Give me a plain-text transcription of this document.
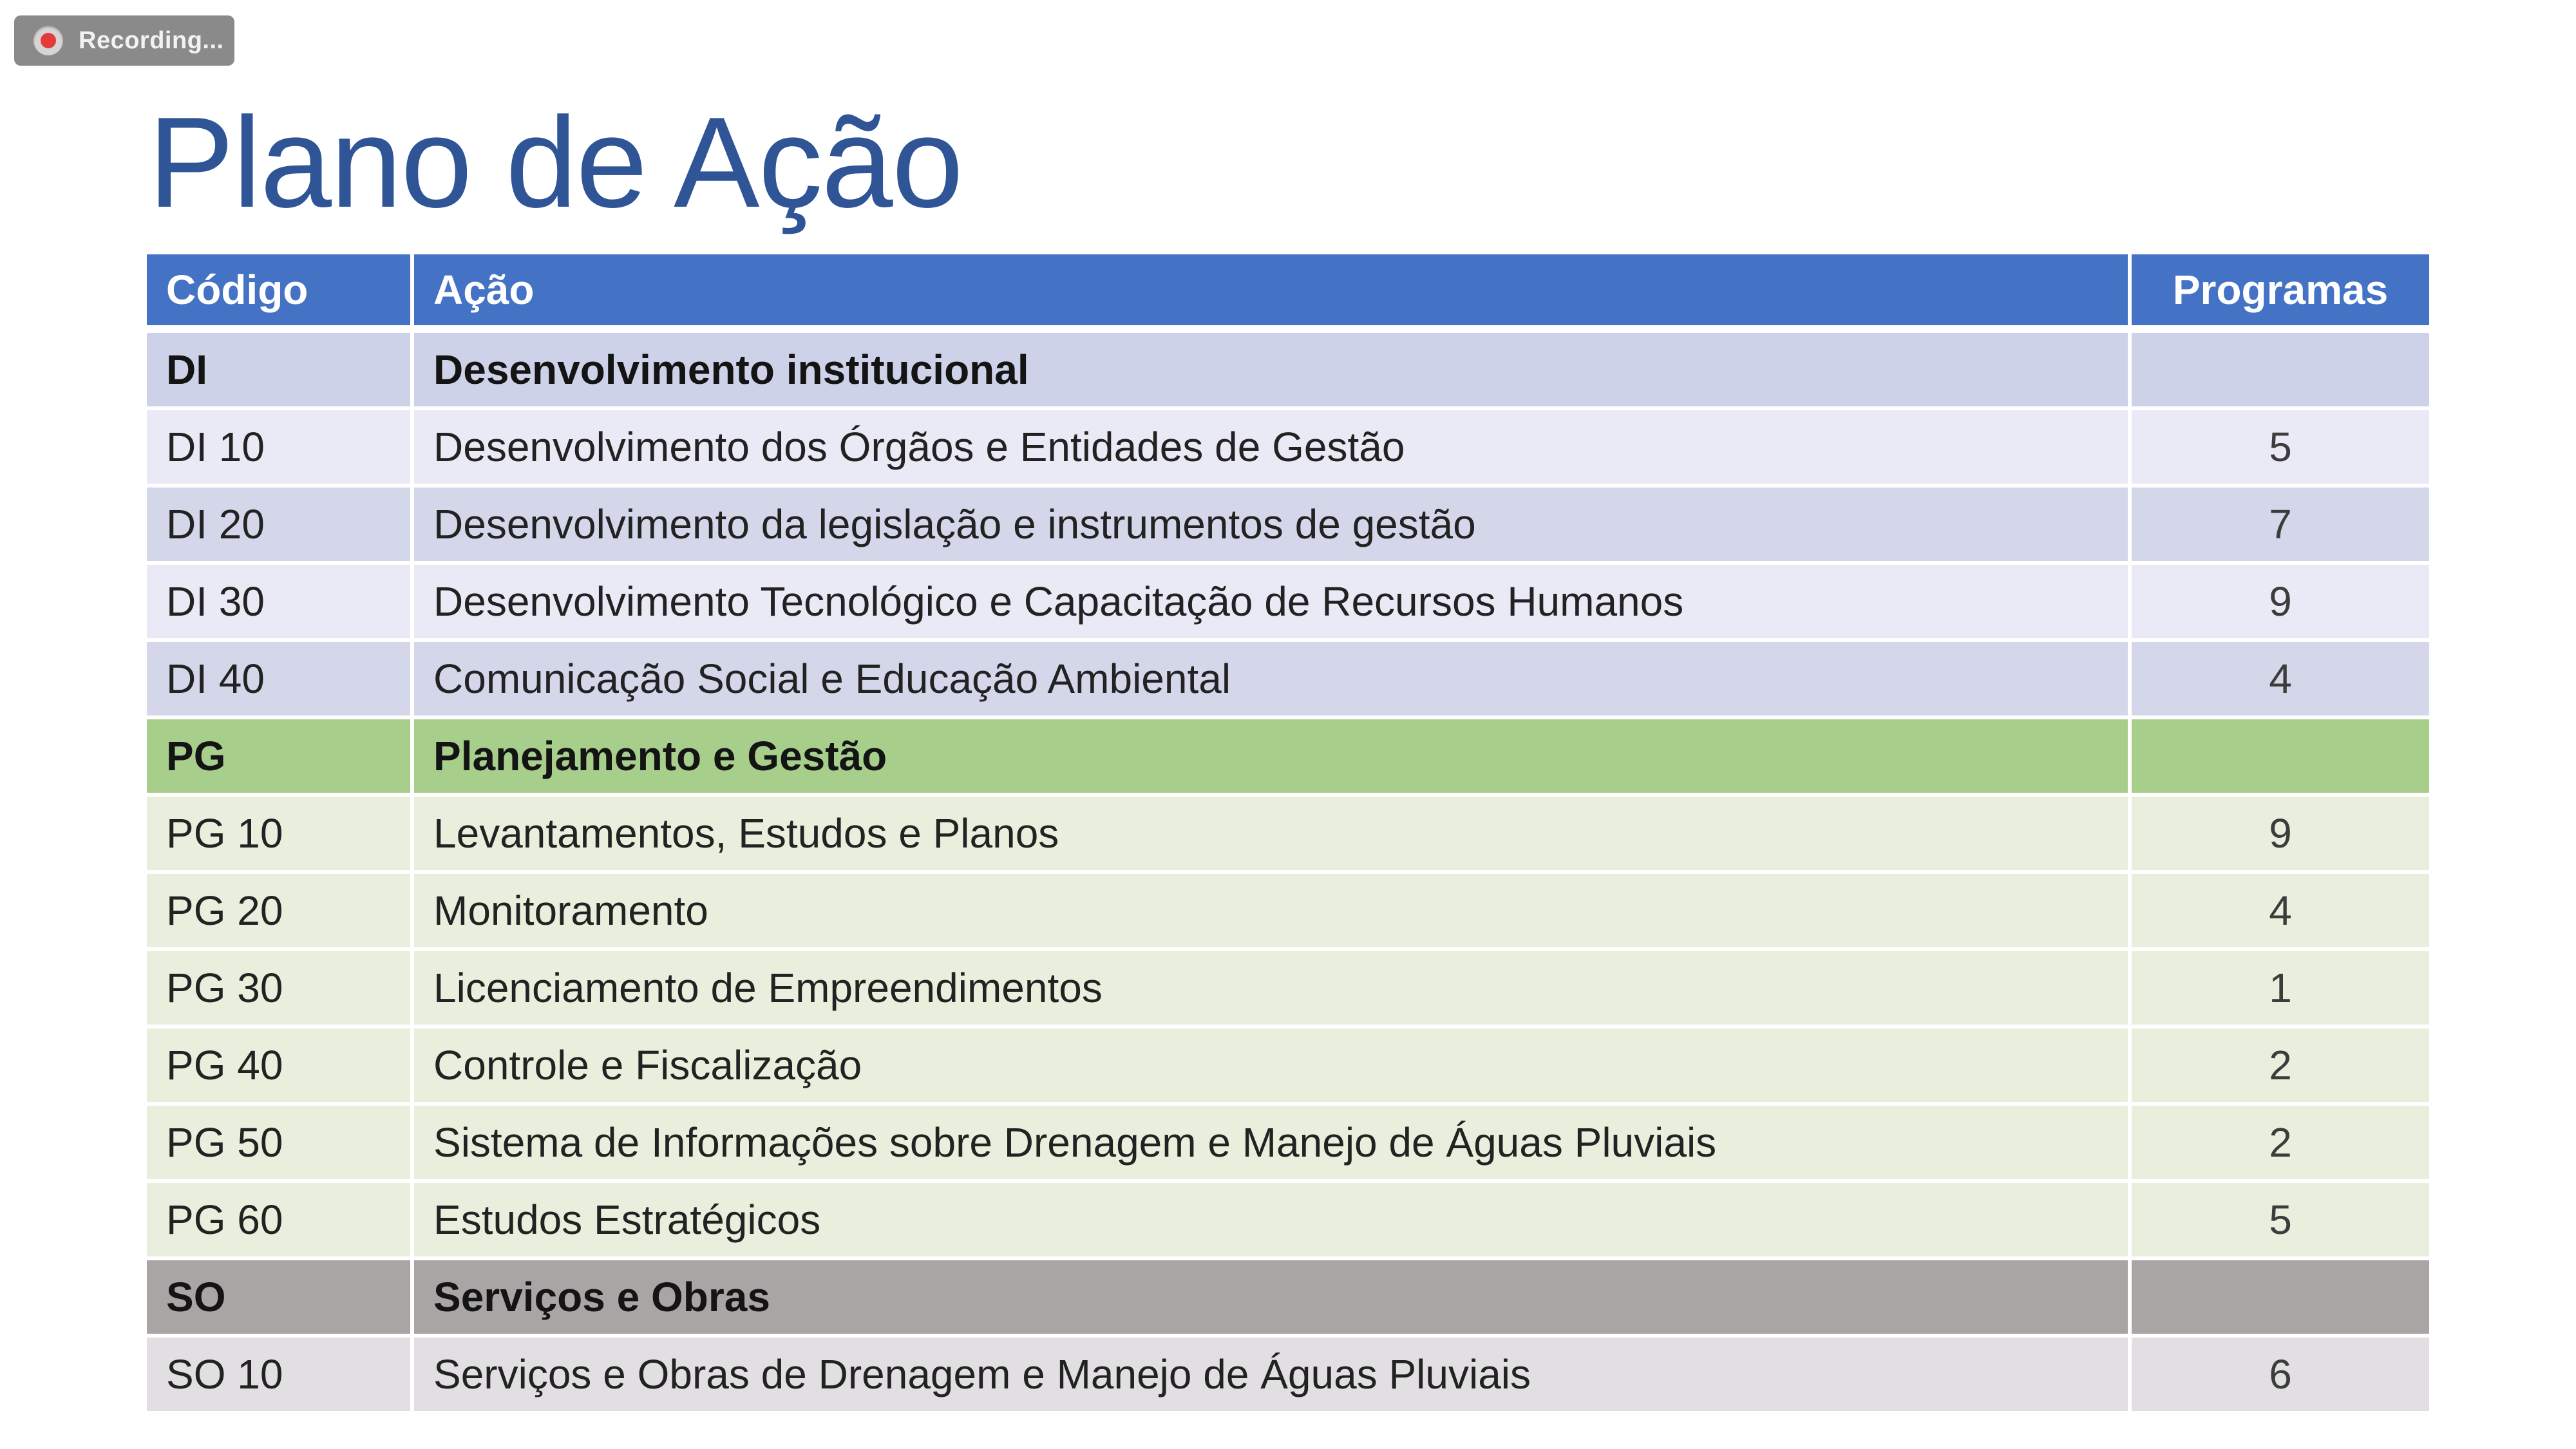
Recording...
Plano de Ação
Código	Ação	Programas
DI	Desenvolvimento institucional
DI 10	Desenvolvimento dos Órgãos e Entidades de Gestão	5
DI 20	Desenvolvimento da legislação e instrumentos de gestão	7
DI 30	Desenvolvimento Tecnológico e Capacitação de Recursos Humanos	9
DI 40	Comunicação Social e Educação Ambiental	4
PG	Planejamento e Gestão
PG 10	Levantamentos, Estudos e Planos	9
PG 20	Monitoramento	4
PG 30	Licenciamento de Empreendimentos	1
PG 40	Controle e Fiscalização	2
PG 50	Sistema de Informações sobre Drenagem e Manejo de Águas Pluviais	2
PG 60	Estudos Estratégicos	5
SO	Serviços e Obras
SO 10	Serviços e Obras de Drenagem e Manejo de Águas Pluviais	6
